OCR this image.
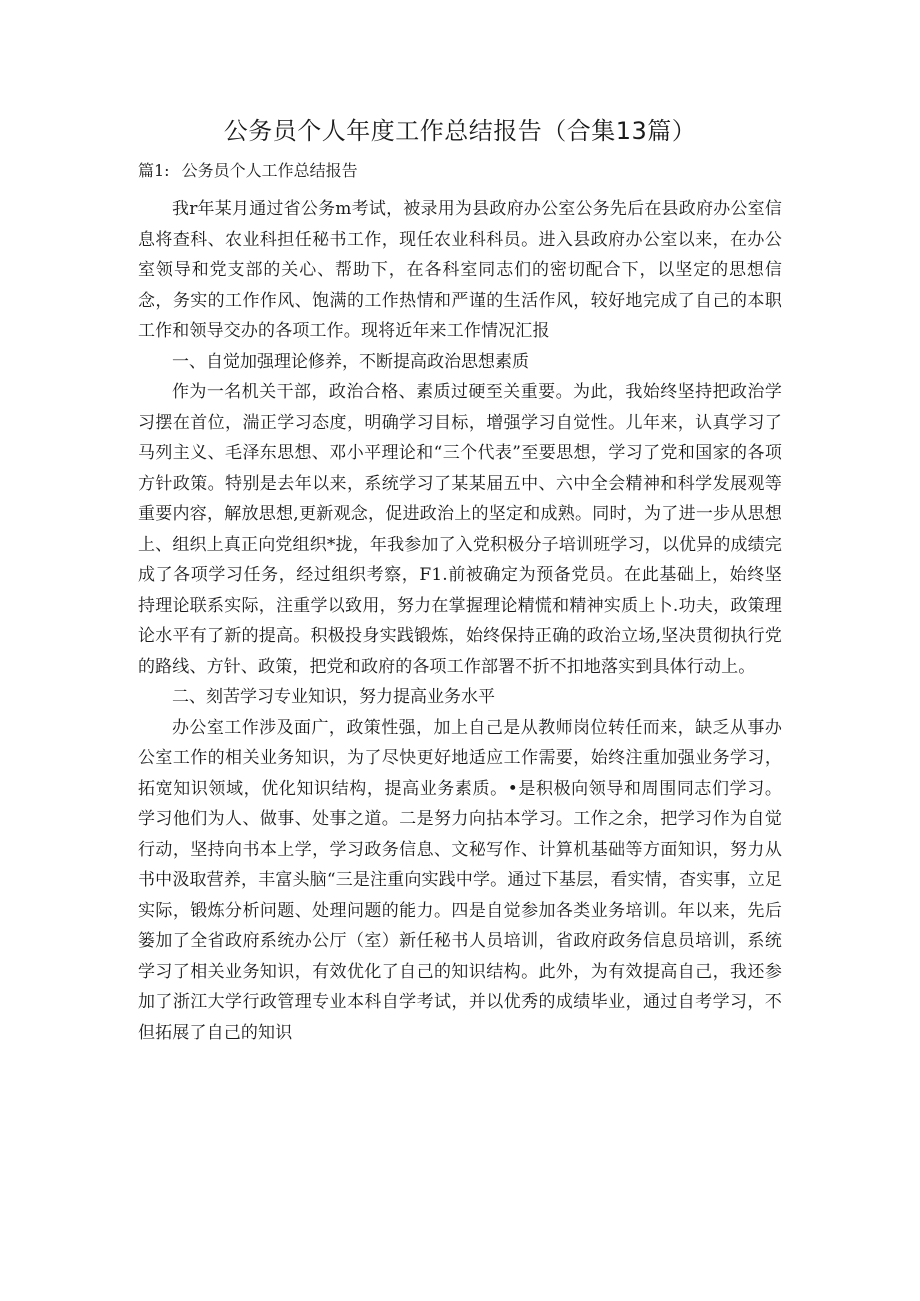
公务员个人年度工作总结报告（合集13篇）

篇1: 公务员个人工作总结报告

我r年某月通过省公务m考试，被录用为县政府办公室公务先后在县政府办公室信息将查科、农业科担任秘书工作，现任农业科科员。进入县政府办公室以来，在办公室领导和党支部的关心、帮助下，在各科室同志们的密切配合下，以坚定的思想信念，务实的工作作风、饱满的工作热情和严谨的生活作风，较好地完成了自己的本职工作和领导交办的各项工作。现将近年来工作情况汇报

一、自觉加强理论修养，不断提高政治思想素质

作为一名机关干部，政治合格、素质过硬至关重要。为此，我始终坚持把政治学习摆在首位，湍正学习态度，明确学习目标，增强学习自觉性。儿年来，认真学习了马列主义、毛泽东思想、邓小平理论和“三个代表”至要思想，学习了党和国家的各项方针政策。特别是去年以来，系统学习了某某届五中、六中全会精神和科学发展观等重要内容，解放思想,更新观念，促进政治上的坚定和成熟。同时，为了进一步从思想上、组织上真正向党组织*拢，年我参加了入党积极分子培训班学习，以优异的成绩完成了各项学习任务，经过组织考察，F1.前被确定为预备党员。在此基础上，始终坚持理论联系实际，注重学以致用，努力在掌握理论精慌和精神实质上卜.功夫，政策理论水平有了新的提高。积极投身实践锻炼，始终保持正确的政治立场,坚决贯彻执行党的路线、方针、政策，把党和政府的各项工作部署不折不扣地落实到具体行动上。

二、刻苦学习专业知识，努力提高业务水平

办公室工作涉及面广，政策性强，加上自己是从教师岗位转任而来，缺乏从事办公室工作的相关业务知识，为了尽快更好地适应工作需要，始终注重加强业务学习，拓宽知识领域，优化知识结构，提高业务素质。•是积极向领导和周围同志们学习。学习他们为人、做事、处事之道。二是努力向拈本学习。工作之余，把学习作为自觉行动，坚持向书本上学，学习政务信息、文秘写作、计算机基础等方面知识，努力从书中汲取营养，丰富头脑“三是注重向实践中学。通过下基层，看实情，杳实事，立足实际，锻炼分析问题、处理问题的能力。四是自觉参加各类业务培训。年以来，先后篓加了全省政府系统办公厅（室）新任秘书人员培训，省政府政务信息员培训，系统学习了相关业务知识，有效优化了自己的知识结构。此外，为有效提高自己，我还参加了浙江大学行政管理专业本科自学考试，并以优秀的成绩毕业，通过自考学习，不但拓展了自己的知识
